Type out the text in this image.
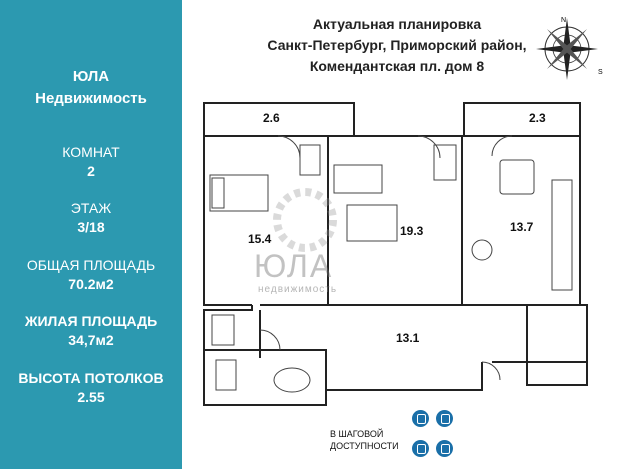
ЮЛА
Недвижимость
КОМНАТ
2
ЭТАЖ
3/18
ОБЩАЯ ПЛОЩАДЬ
70.2м2
ЖИЛАЯ ПЛОЩАДЬ
34,7м2
ВЫСОТА ПОТОЛКОВ
2.55
Актуальная планировка
Санкт-Петербург, Приморский район,
Комендантская пл. дом 8
N
S
2.6	2.3
15.4
19.3	13.7
13.1
ЮЛА
недвижимость
В ШАГОВОЙ
ДОСТУПНОСТИ
